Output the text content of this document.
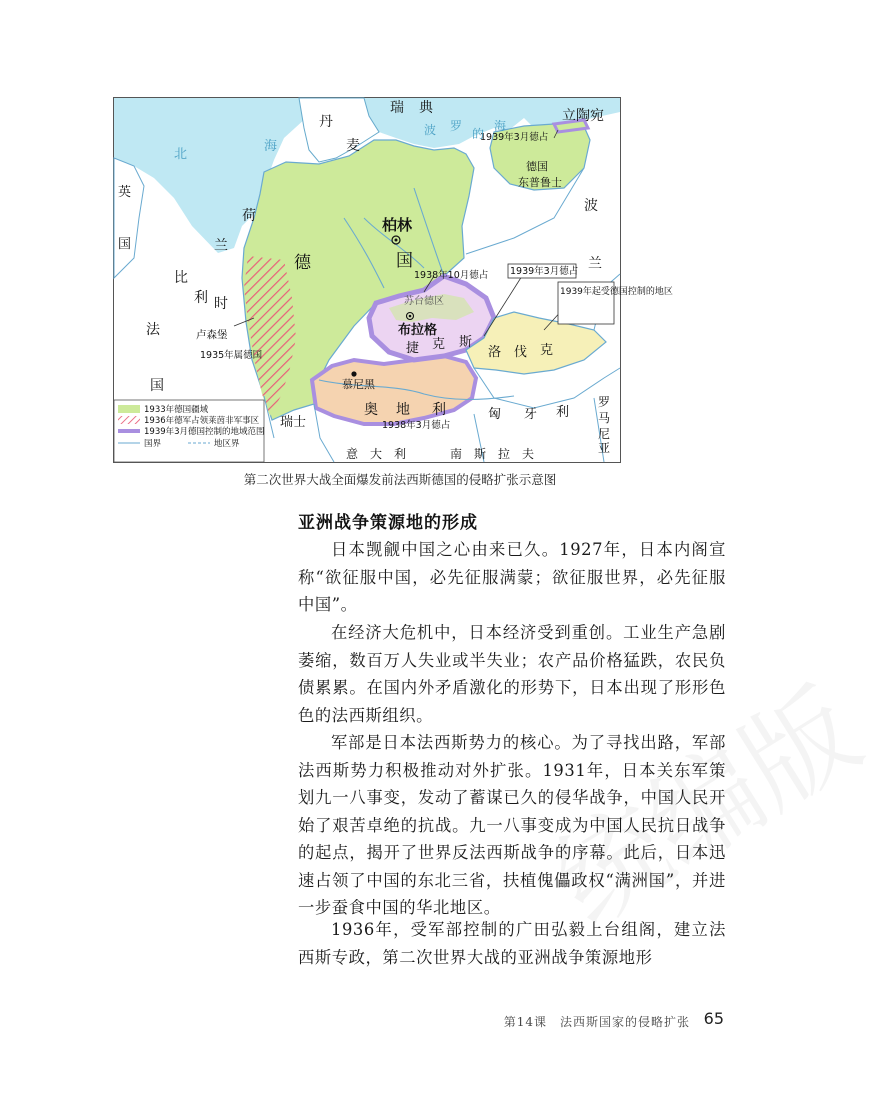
丹
麦
瑞 典	立陶宛
1939年3月德占
英
国
荷
兰
比
利 时
法
国
卢森堡
1935年属德国
德	国
柏林
德国
东普鲁士
波
兰
1938年10月德占 1939年3月德占
1939年起受德国控制的地区
苏台德区
布拉格
捷 克 斯
洛 伐 克
慕尼黑
奥 地 利
1938年3月德占
匈 牙 利
罗
马
尼
亚
瑞士
意　大　利	南　斯　拉　夫
北
海
波 罗
的
海
1933年德国疆域
1936年德军占领莱茵非军事区
1939年3月德国控制的地域范围
国界	地区界
第二次世界大战全面爆发前法西斯德国的侵略扩张示意图
亚洲战争策源地的形成

日本觊觎中国之心由来已久。1927年，日本内阁宣称“欲征服中国，必先征服满蒙；欲征服世界，必先征服中国”。

在经济大危机中，日本经济受到重创。工业生产急剧萎缩，数百万人失业或半失业；农产品价格猛跌，农民负债累累。在国内外矛盾激化的形势下，日本出现了形形色色的法西斯组织。

军部是日本法西斯势力的核心。为了寻找出路，军部法西斯势力积极推动对外扩张。1931年，日本关东军策划九一八事变，发动了蓄谋已久的侵华战争，中国人民开始了艰苦卓绝的抗战。九一八事变成为中国人民抗日战争的起点，揭开了世界反法西斯战争的序幕。此后，日本迅速占领了中国的东北三省，扶植傀儡政权“满洲国”，并进一步蚕食中国的华北地区。

1936年，受军部控制的广田弘毅上台组阁，建立法西斯专政，第二次世界大战的亚洲战争策源地形

第14课　法西斯国家的侵略扩张 65
